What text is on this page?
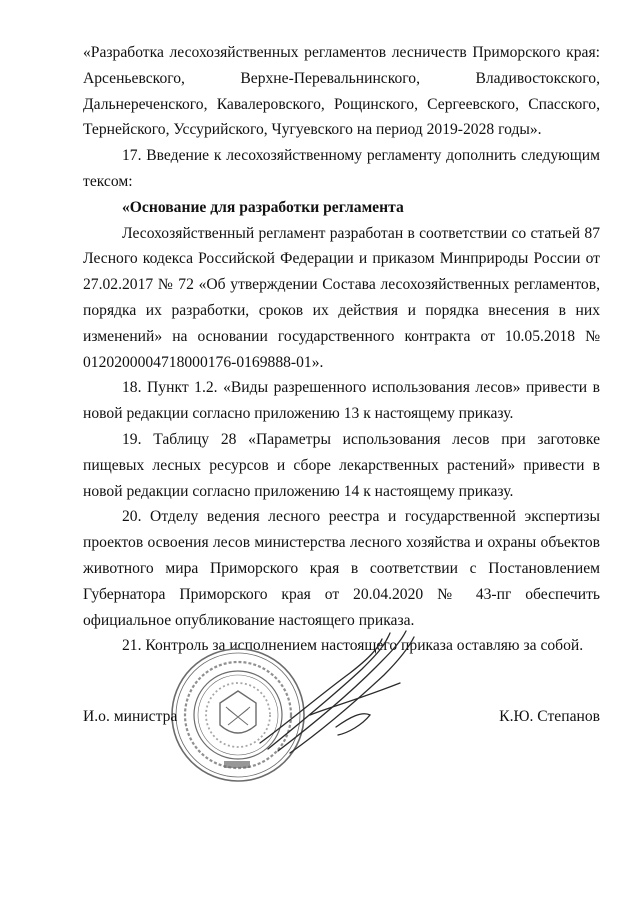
«Разработка лесохозяйственных регламентов лесничеств Приморского края: Арсеньевского, Верхне-Перевальнинского, Владивостокского, Дальнереченского, Кавалеровского, Рощинского, Сергеевского, Спасского, Тернейского, Уссурийского, Чугуевского на период 2019-2028 годы».

17. Введение к лесохозяйственному регламенту дополнить следующим тексом:

«Основание для разработки регламента

Лесохозяйственный регламент разработан в соответствии со статьей 87 Лесного кодекса Российской Федерации и приказом Минприроды России от 27.02.2017 № 72 «Об утверждении Состава лесохозяйственных регламентов, порядка их разработки, сроков их действия и порядка внесения в них изменений» на основании государственного контракта от 10.05.2018 № 0120200004718000176-0169888-01».

18. Пункт 1.2. «Виды разрешенного использования лесов» привести в новой редакции согласно приложению 13 к настоящему приказу.

19. Таблицу 28 «Параметры использования лесов при заготовке пищевых лесных ресурсов и сборе лекарственных растений» привести в новой редакции согласно приложению 14 к настоящему приказу.

20. Отделу ведения лесного реестра и государственной экспертизы проектов освоения лесов министерства лесного хозяйства и охраны объектов животного мира Приморского края в соответствии с Постановлением Губернатора Приморского края от 20.04.2020 № 43-пг обеспечить официальное опубликование настоящего приказа.

21. Контроль за исполнением настоящего приказа оставляю за собой.

И.о. министра	К.Ю. Степанов
